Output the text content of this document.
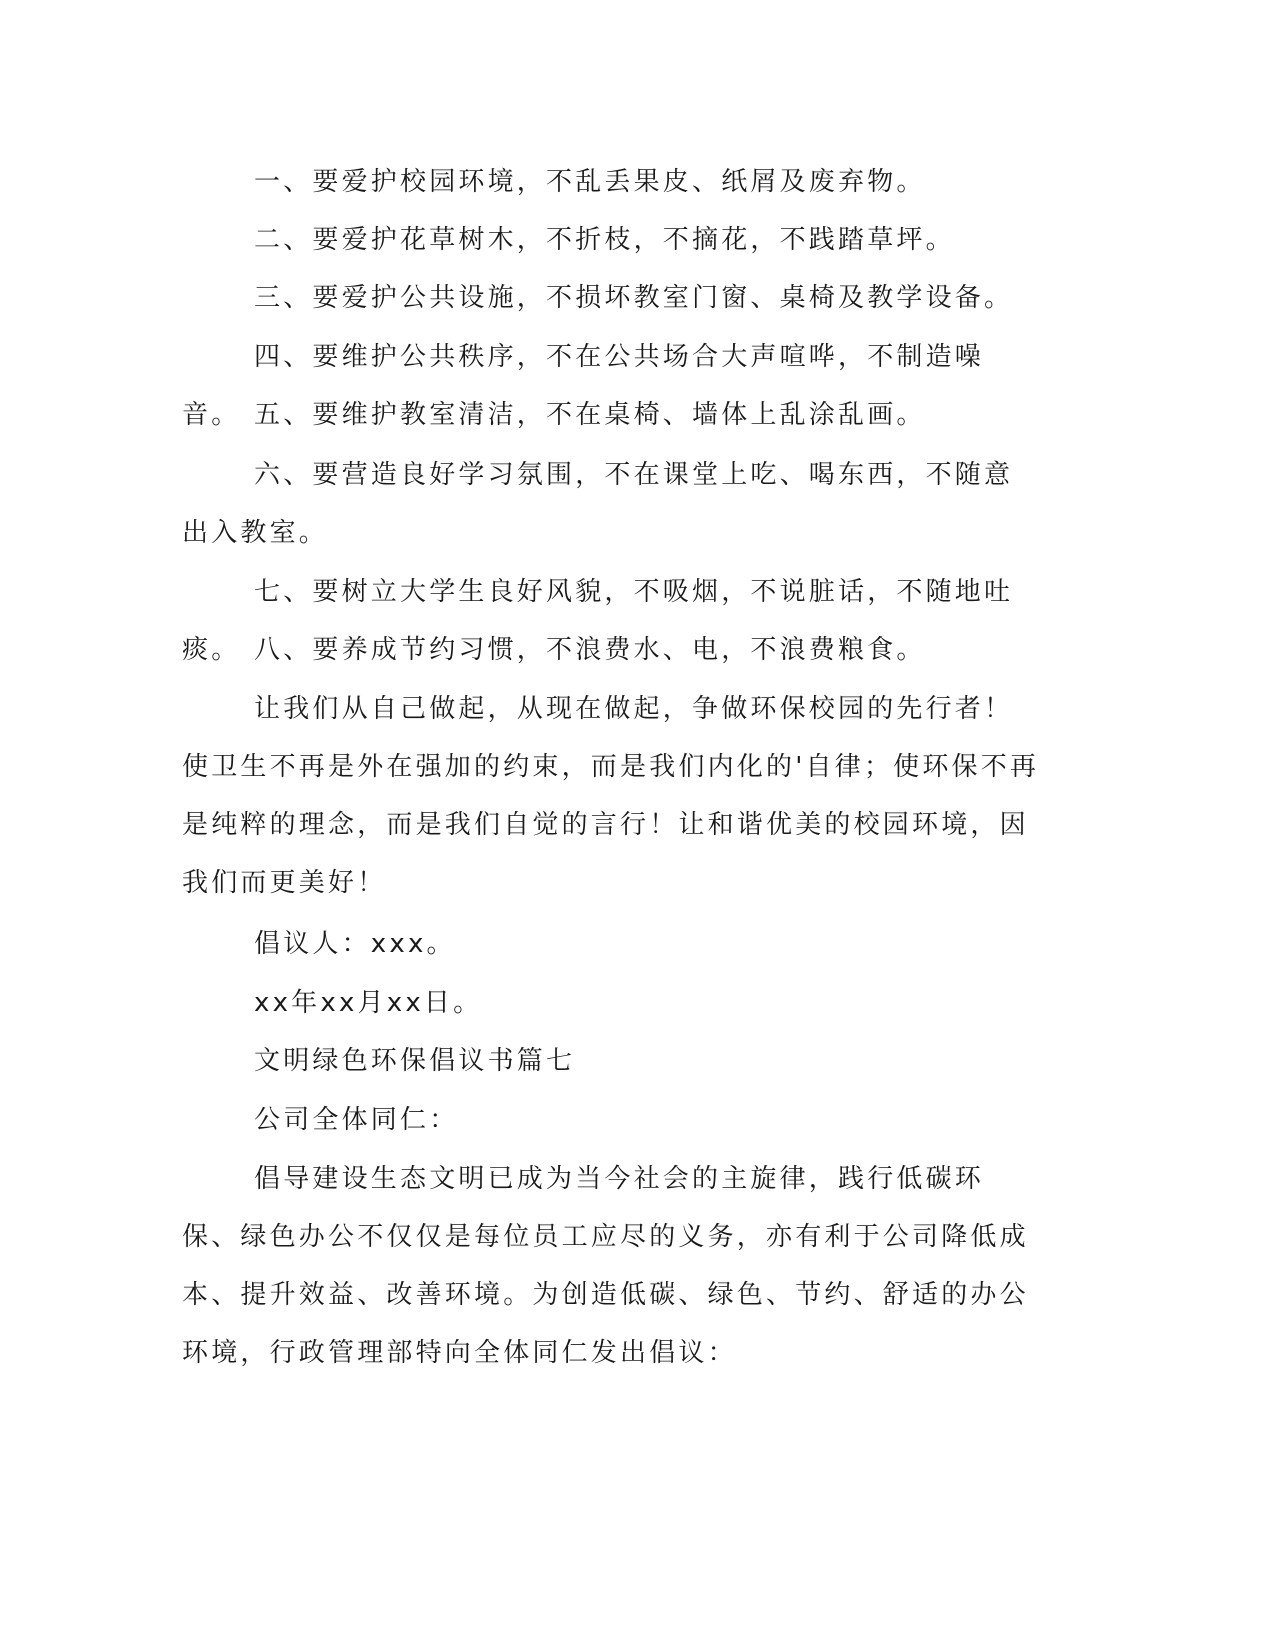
一、要爱护校园环境，不乱丢果皮、纸屑及废弃物。

二、要爱护花草树木，不折枝，不摘花，不践踏草坪。

三、要爱护公共设施，不损坏教室门窗、桌椅及教学设备。

四、要维护公共秩序，不在公共场合大声喧哗，不制造噪音。 五、要维护教室清洁，不在桌椅、墙体上乱涂乱画。

六、要营造良好学习氛围，不在课堂上吃、喝东西，不随意出入教室。

七、要树立大学生良好风貌，不吸烟，不说脏话，不随地吐痰。 八、要养成节约习惯，不浪费水、电，不浪费粮食。

让我们从自己做起，从现在做起，争做环保校园的先行者！使卫生不再是外在强加的约束，而是我们内化的'自律；使环保不再是纯粹的理念，而是我们自觉的言行！让和谐优美的校园环境，因我们而更美好！

倡议人：xxx。

xx年xx月xx日。

文明绿色环保倡议书篇七

公司全体同仁：

倡导建设生态文明已成为当今社会的主旋律，践行低碳环保、绿色办公不仅仅是每位员工应尽的义务，亦有利于公司降低成本、提升效益、改善环境。为创造低碳、绿色、节约、舒适的办公环境，行政管理部特向全体同仁发出倡议：
